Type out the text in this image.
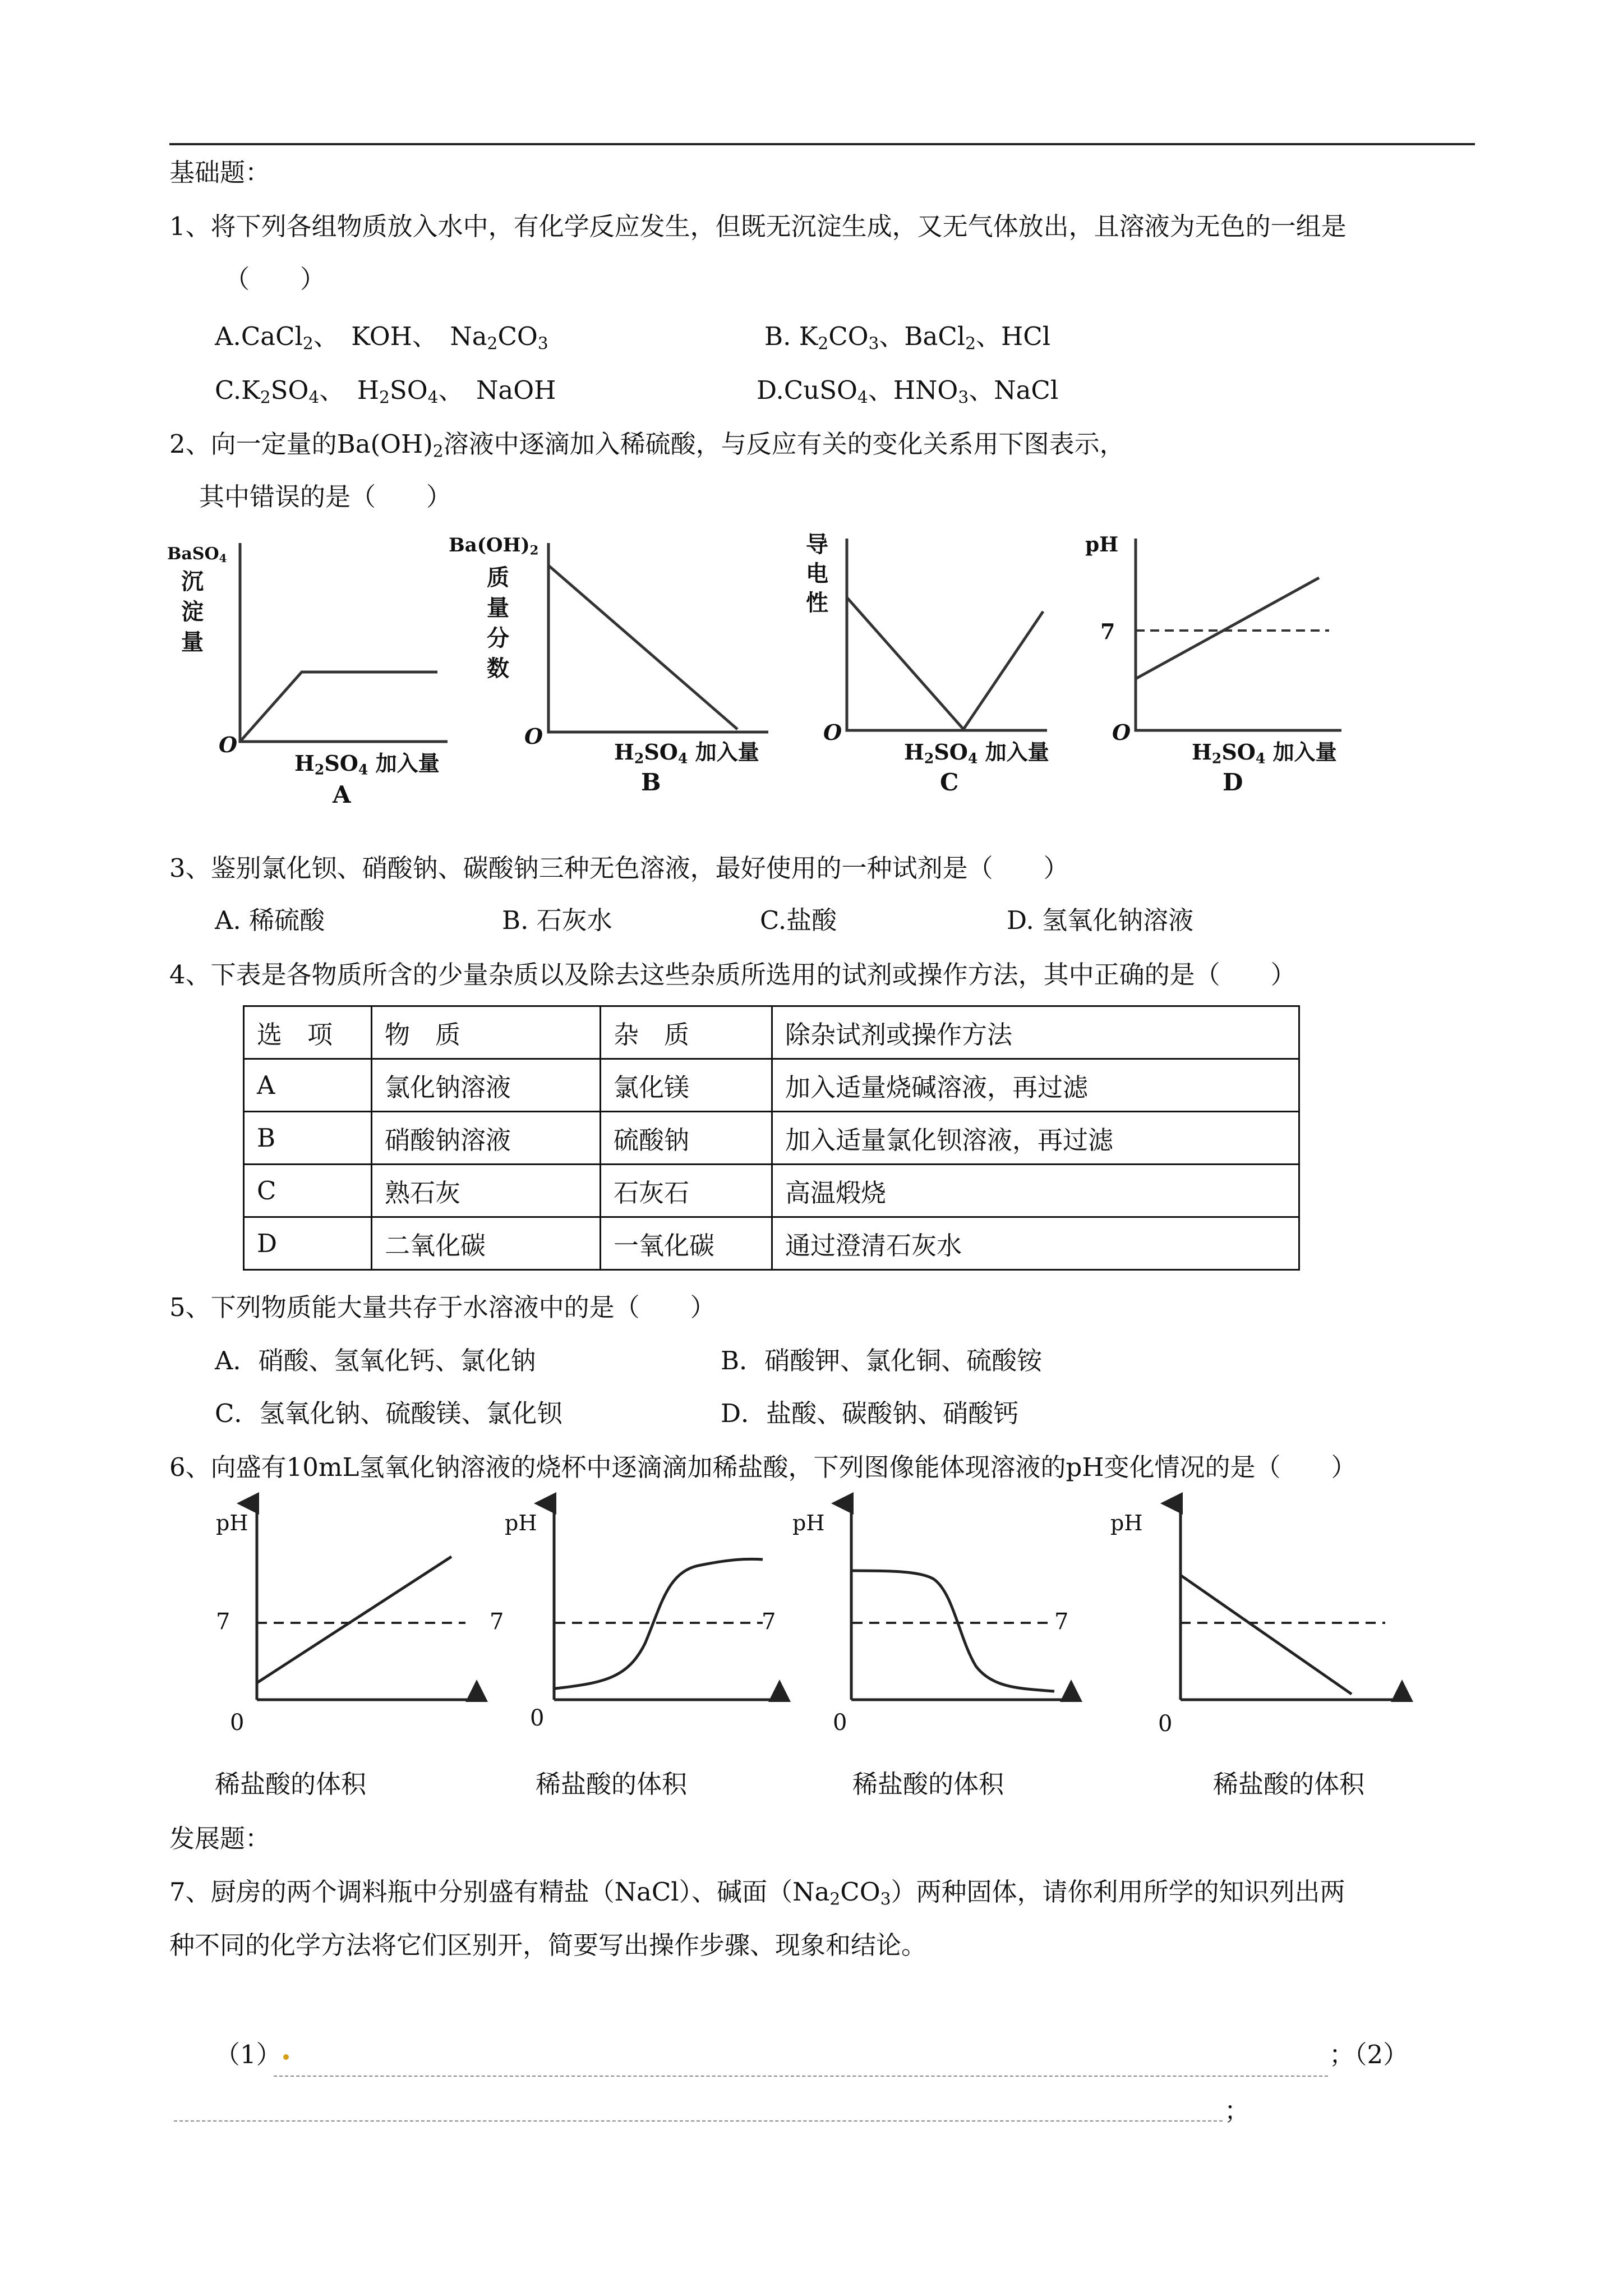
基础题：
1、将下列各组物质放入水中，有化学反应发生，但既无沉淀生成，又无气体放出，且溶液为无色的一组是
（　　）
A.CaCl$_2$、　KOH、　$Na_2CO_3$	B. $K_2CO_3$、BaCl$_2$、HCl
$C.K_2SO_4$、　$H_2SO_4$、　NaOH	D.CuSO$_4$、$HNO_3$、NaCl
2、向一定量的$Ba(OH)_2$溶液中逐滴加入稀硫酸，与反应有关的变化关系用下图表示，
其中错误的是（　　）
BaSO$_4$
沉
淀
量
O
$H_2SO_4$ 加入量
A
$Ba(OH)_2$
质
量
分
数
O
$H_2SO_4$ 加入量
B
导
电
性
O
$H_2SO_4$ 加入量
C
pH
7
O
$H_2SO_4$ 加入量
D
3、鉴别氯化钡、硝酸钠、碳酸钠三种无色溶液，最好使用的一种试剂是（　　）
A. 稀硫酸	B. 石灰水	C.盐酸	D. 氢氧化钠溶液
4、下表是各物质所含的少量杂质以及除去这些杂质所选用的试剂或操作方法，其中正确的是（　　）
选　项	物　质	杂　质	除杂试剂或操作方法
A	氯化钠溶液	氯化镁	加入适量烧碱溶液，再过滤
B	硝酸钠溶液	硫酸钠	加入适量氯化钡溶液，再过滤
C	熟石灰	石灰石	高温煅烧
D	二氧化碳	一氧化碳	通过澄清石灰水
5、下列物质能大量共存于水溶液中的是（　　）
A．硝酸、氢氧化钙、氯化钠	B．硝酸钾、氯化铜、硫酸铵
C．氢氧化钠、硫酸镁、氯化钡	D．盐酸、碳酸钠、硝酸钙
6、向盛有10mL氢氧化钠溶液的烧杯中逐滴滴加稀盐酸，下列图像能体现溶液的pH变化情况的是（　　）
pH
7
0
稀盐酸的体积
pH
7
0
稀盐酸的体积
pH
7
0
稀盐酸的体积
7
pH
0
稀盐酸的体积
发展题：
7、厨房的两个调料瓶中分别盛有精盐（NaCl）、碱面$(Na_2CO_3)$两种固体，请你利用所学的知识列出两
种不同的化学方法将它们区别开，简要写出操作步骤、现象和结论。
（1）	；（2）
；
